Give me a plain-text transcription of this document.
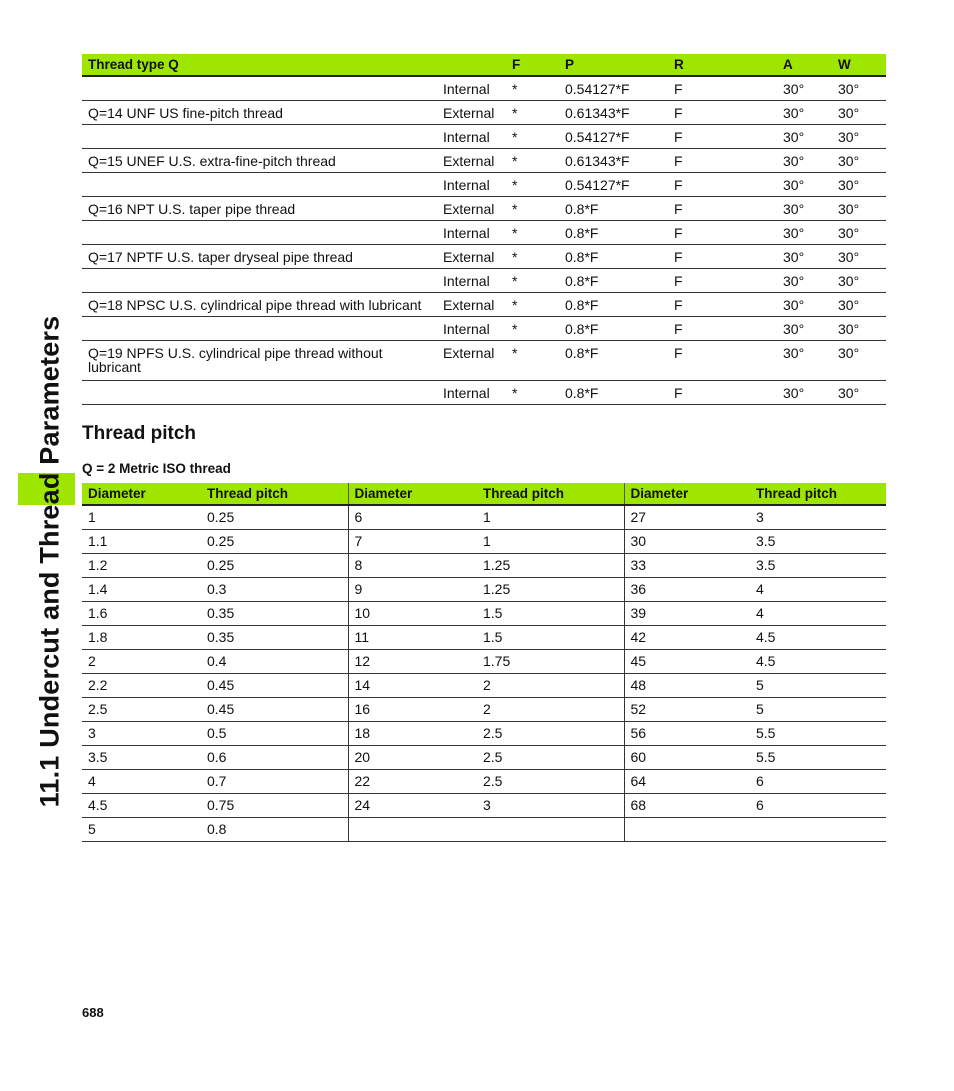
11.1 Undercut and Thread Parameters
Thread type Q		F	P	R	A	W
	Internal	*	0.54127*F	F	30°	30°
Q=14 UNF US fine-pitch thread	External	*	0.61343*F	F	30°	30°
	Internal	*	0.54127*F	F	30°	30°
Q=15 UNEF U.S. extra-fine-pitch thread	External	*	0.61343*F	F	30°	30°
	Internal	*	0.54127*F	F	30°	30°
Q=16 NPT U.S. taper pipe thread	External	*	0.8*F	F	30°	30°
	Internal	*	0.8*F	F	30°	30°
Q=17 NPTF U.S. taper dryseal pipe thread	External	*	0.8*F	F	30°	30°
	Internal	*	0.8*F	F	30°	30°
Q=18 NPSC U.S. cylindrical pipe thread with lubricant	External	*	0.8*F	F	30°	30°
	Internal	*	0.8*F	F	30°	30°
Q=19 NPFS U.S. cylindrical pipe thread without lubricant	External	*	0.8*F	F	30°	30°
	Internal	*	0.8*F	F	30°	30°
Thread pitch
Q = 2 Metric ISO thread
Diameter	Thread pitch	Diameter	Thread pitch	Diameter	Thread pitch
1	0.25	6	1	27	3
1.1	0.25	7	1	30	3.5
1.2	0.25	8	1.25	33	3.5
1.4	0.3	9	1.25	36	4
1.6	0.35	10	1.5	39	4
1.8	0.35	11	1.5	42	4.5
2	0.4	12	1.75	45	4.5
2.2	0.45	14	2	48	5
2.5	0.45	16	2	52	5
3	0.5	18	2.5	56	5.5
3.5	0.6	20	2.5	60	5.5
4	0.7	22	2.5	64	6
4.5	0.75	24	3	68	6
5	0.8				
688
